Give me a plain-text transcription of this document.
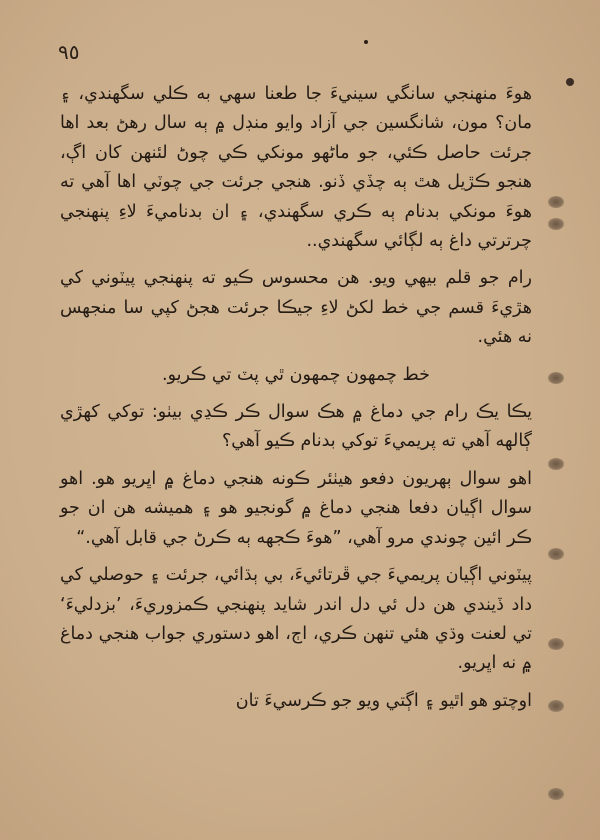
٩٥

هوءَ منهنجي سانگي سينيءَ جا طعنا سهي به ڪلي سگهندي، ۽ مان؟ مون، شانگسين جي آزاد وايو منڊل ۾ ٻه سال رهڻ بعد اها جرئت حاصل ڪئي، جو ماڻهو مونکي ڪي چوڻ لئنهن کان اڳ، هنجو ڪڙيل هٿ ٻه چڏي ڏنو. هنجي جرئت جي چوٽي اها آهي ته هوءَ مونکي بدنام ٻه ڪري سگهندي، ۽ ان بدناميءَ لاءِ پنهنجي چرترتي داغ ٻه لڳائي سگهندي..

رام جو قلم بيهي ويو. هن محسوس ڪيو ته پنهنجي پيٽوني کي هڙيءَ قسم جي خط لکڻ لاءِ جيڪا جرئت هجڻ کپي سا منجهس نه هئي.

خط چمهون چمهون ٿي پٽ تي ڪريو.

يڪا يڪ رام جي دماغ ۾ هڪ سوال ڪر ڪڍي بيٺو: توکي کهڙي ڳالهه آهي ته پريميءَ توکي بدنام ڪيو آهي؟

اهو سوال ٻهريون دفعو هيٺئر ڪونه هنجي دماغ ۾ اڀريو هو. اهو سوال اڳيان دفعا هنجي دماغ ۾ گونجيو هو ۽ هميشه هن ان جو ڪر ائين چوندي مرو آهي، ”هوءَ ڪجهه ٻه ڪرڻ جي قابل آهي.“

پيٽوني اڳيان پريميءَ جي ڦرتائيءَ، بي ٻڌائي، جرئت ۽ حوصلي کي داد ڏيندي هن دل ئي دل اندر شايد پنهنجي ڪمزوريءَ، ’بزدليءَ‘ تي لعنت وڌي هئي تنهن ڪري، اڄ، اهو دستوري جواب هنجي دماغ ۾ نه اڀريو.

اوچتو هو اٿيو ۽ اڳتي ويو جو ڪرسيءَ تان
